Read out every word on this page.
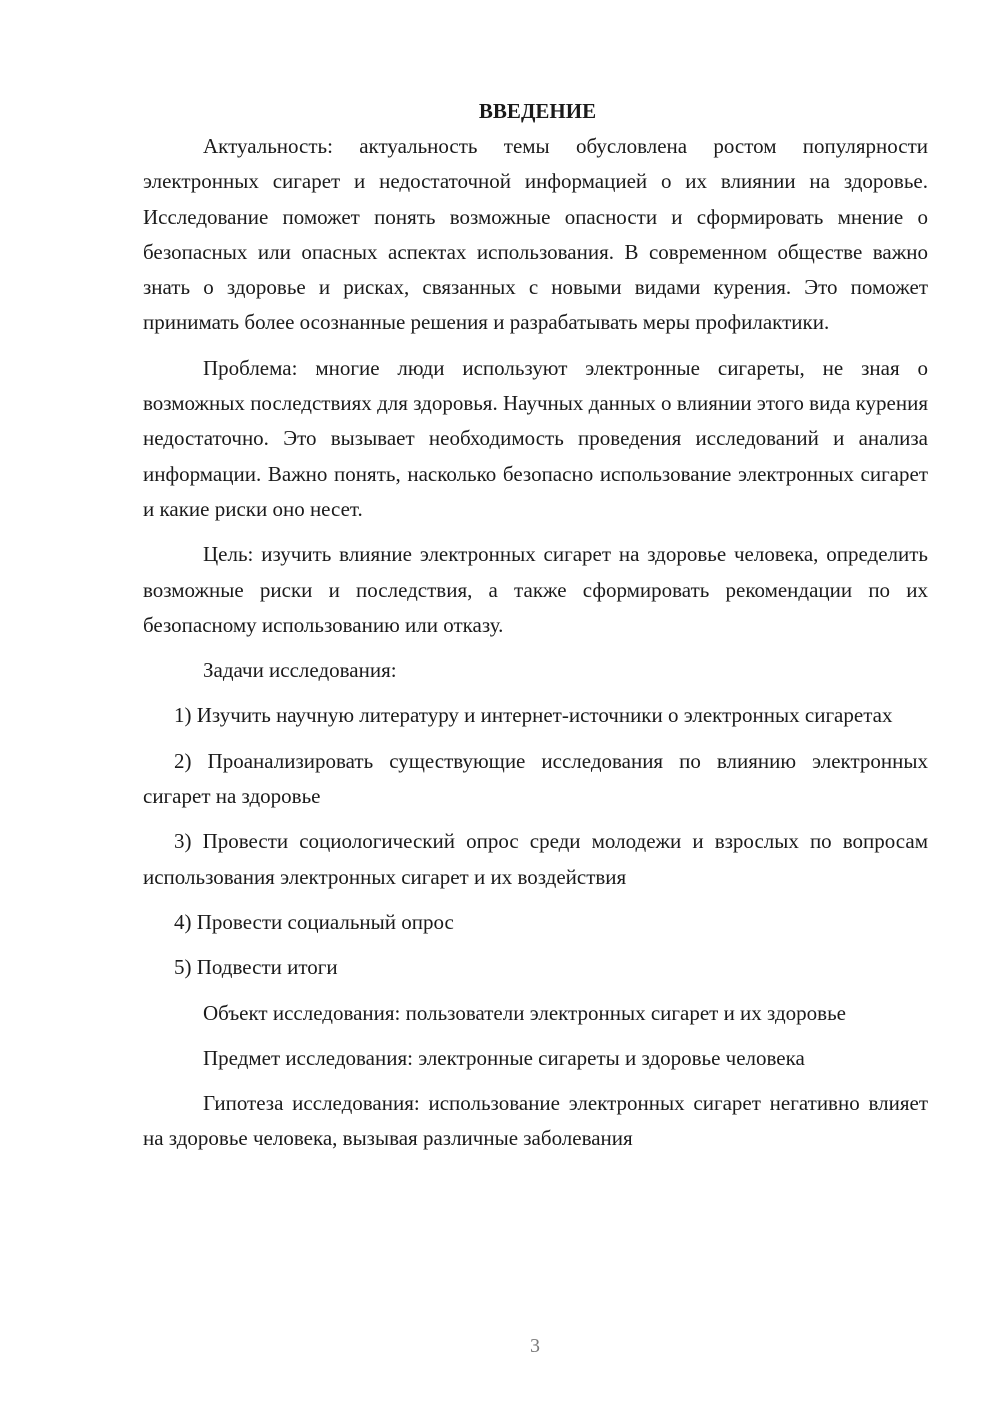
ВВЕДЕНИЕ

Актуальность: актуальность темы обусловлена ростом популярности электронных сигарет и недостаточной информацией о их влиянии на здоровье. Исследование поможет понять возможные опасности и сформировать мнение о безопасных или опасных аспектах использования. В современном обществе важно знать о здоровье и рисках, связанных с новыми видами курения. Это поможет принимать более осознанные решения и разрабатывать меры профилактики.

Проблема: многие люди используют электронные сигареты, не зная о возможных последствиях для здоровья. Научных данных о влиянии этого вида курения недостаточно. Это вызывает необходимость проведения исследований и анализа информации. Важно понять, насколько безопасно использование электронных сигарет и какие риски оно несет.

Цель: изучить влияние электронных сигарет на здоровье человека, определить возможные риски и последствия, а также сформировать рекомендации по их безопасному использованию или отказу.

Задачи исследования:

1) Изучить научную литературу и интернет-источники о электронных сигаретах

2) Проанализировать существующие исследования по влиянию электронных сигарет на здоровье

3) Провести социологический опрос среди молодежи и взрослых по вопросам использования электронных сигарет и их воздействия

4) Провести социальный опрос

5) Подвести итоги

Объект исследования: пользователи электронных сигарет и их здоровье

Предмет исследования: электронные сигареты и здоровье человека

Гипотеза исследования: использование электронных сигарет негативно влияет на здоровье человека, вызывая различные заболевания

3
